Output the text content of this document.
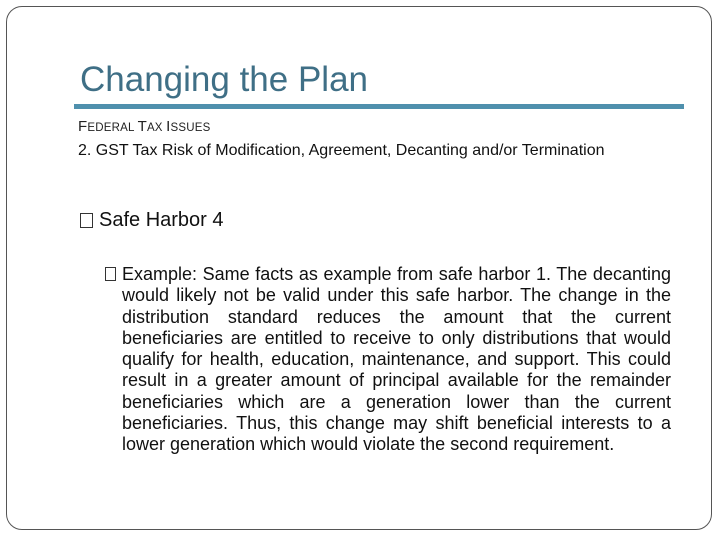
Changing the Plan
FEDERAL TAX ISSUES
2. GST Tax Risk of Modification, Agreement, Decanting and/or Termination
Safe Harbor 4
Example: Same facts as example from safe harbor 1. The decanting would likely not be valid under this safe harbor. The change in the distribution standard reduces the amount that the current beneficiaries are entitled to receive to only distributions that would qualify for health, education, maintenance, and support. This could result in a greater amount of principal available for the remainder beneficiaries which are a generation lower than the current beneficiaries. Thus, this change may shift beneficial interests to a lower generation which would violate the second requirement.
